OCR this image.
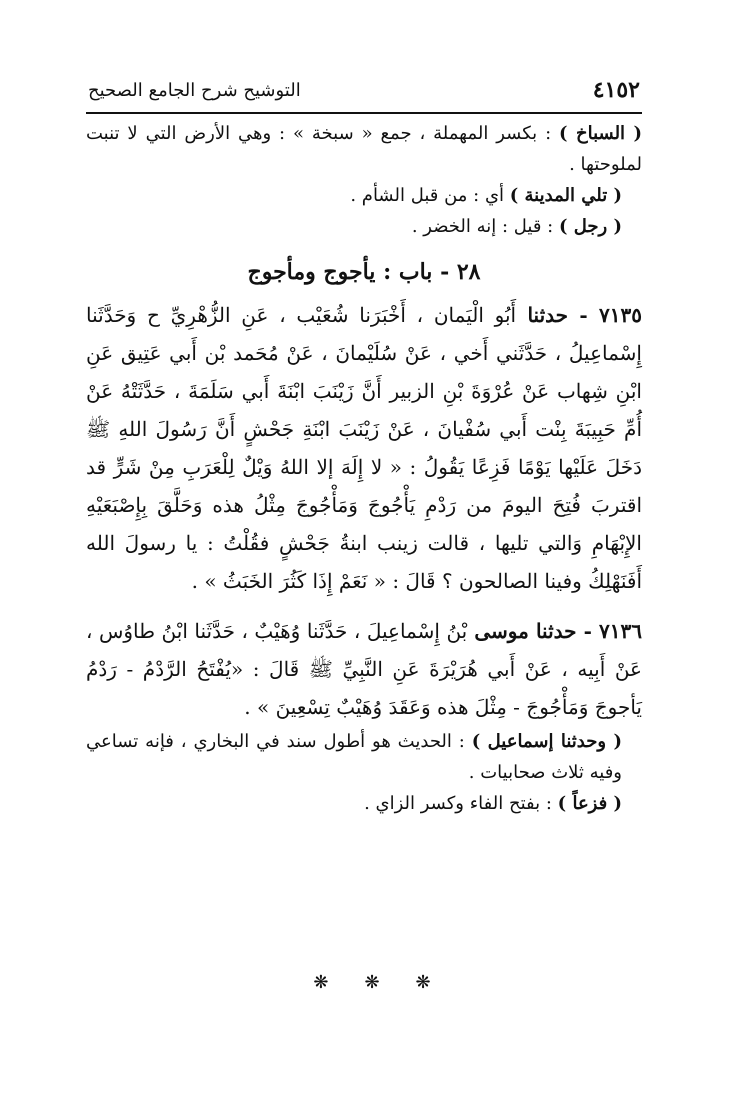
التوشيح شرح الجامع الصحيح	٤١٥٢

( السباخ ) : بكسر المهملة ، جمع « سبخة » : وهي الأرض التي لا تنبت لملوحتها .

( تلي المدينة ) أي : من قبل الشأم .

( رجل ) : قيل : إنه الخضر .

٢٨ - باب : يأجوج ومأجوج

٧١٣٥ - حدثنا أَبُو الْيَمان ، أَخْبَرَنا شُعَيْب ، عَنِ الزُّهْرِيِّ ح وَحَدَّثَنا إِسْماعِيلُ ، حَدَّثَني أَخي ، عَنْ سُلَيْمانَ ، عَنْ مُحَمد بْن أَبي عَتِيق عَنِ ابْنِ شِهاب عَنْ عُرْوَةَ بْنِ الزبير أَنَّ زَيْنَبَ ابْنَةَ أَبي سَلَمَةَ ، حَدَّثَتْهُ عَنْ أُمِّ حَبِيبَةَ بِنْت أَبي سُفْيانَ ، عَنْ زَيْنَبَ ابْنَةِ جَحْشٍ أَنَّ رَسُولَ اللهِ ﷺ دَخَلَ عَلَيْها يَوْمًا فَزِعًا يَقُولُ : « لا إِلَهَ إلا اللهُ وَيْلٌ لِلْعَرَبِ مِنْ شَرٍّ قد اقتربَ فُتِحَ اليومَ من رَدْمِ يَأْجُوجَ وَمَأْجُوجَ مِثْلُ هذه وَحَلَّقَ بِإِصْبَعَيْهِ الإِبْهَامِ وَالتي تليها ، قالت زينب ابنةُ جَحْشٍ فقُلْتُ : يا رسولَ الله أَفَنَهْلِكُ وفينا الصالحون ؟ قَالَ : « نَعَمْ إِذَا كَثُرَ الخَبَثُ » .

٧١٣٦ - حدثنا موسى بْنُ إِسْماعِيلَ ، حَدَّثَنا وُهَيْبٌ ، حَدَّثَنا ابْنُ طاوُس ، عَنْ أَبِيه ، عَنْ أَبي هُرَيْرَةَ عَنِ النَّبِيِّ ﷺ قَالَ : «يُفْتَحُ الرَّدْمُ - رَدْمُ يَأجوجَ وَمَأْجُوجَ - مِثْلَ هذه وَعَقَدَ وُهَيْبٌ تِسْعِينَ » .

( وحدثنا إسماعيل ) : الحديث هو أطول سند في البخاري ، فإنه تساعي وفيه ثلاث صحابيات .

( فزعاً ) : بفتح الفاء وكسر الزاي .

❋ ❋ ❋
